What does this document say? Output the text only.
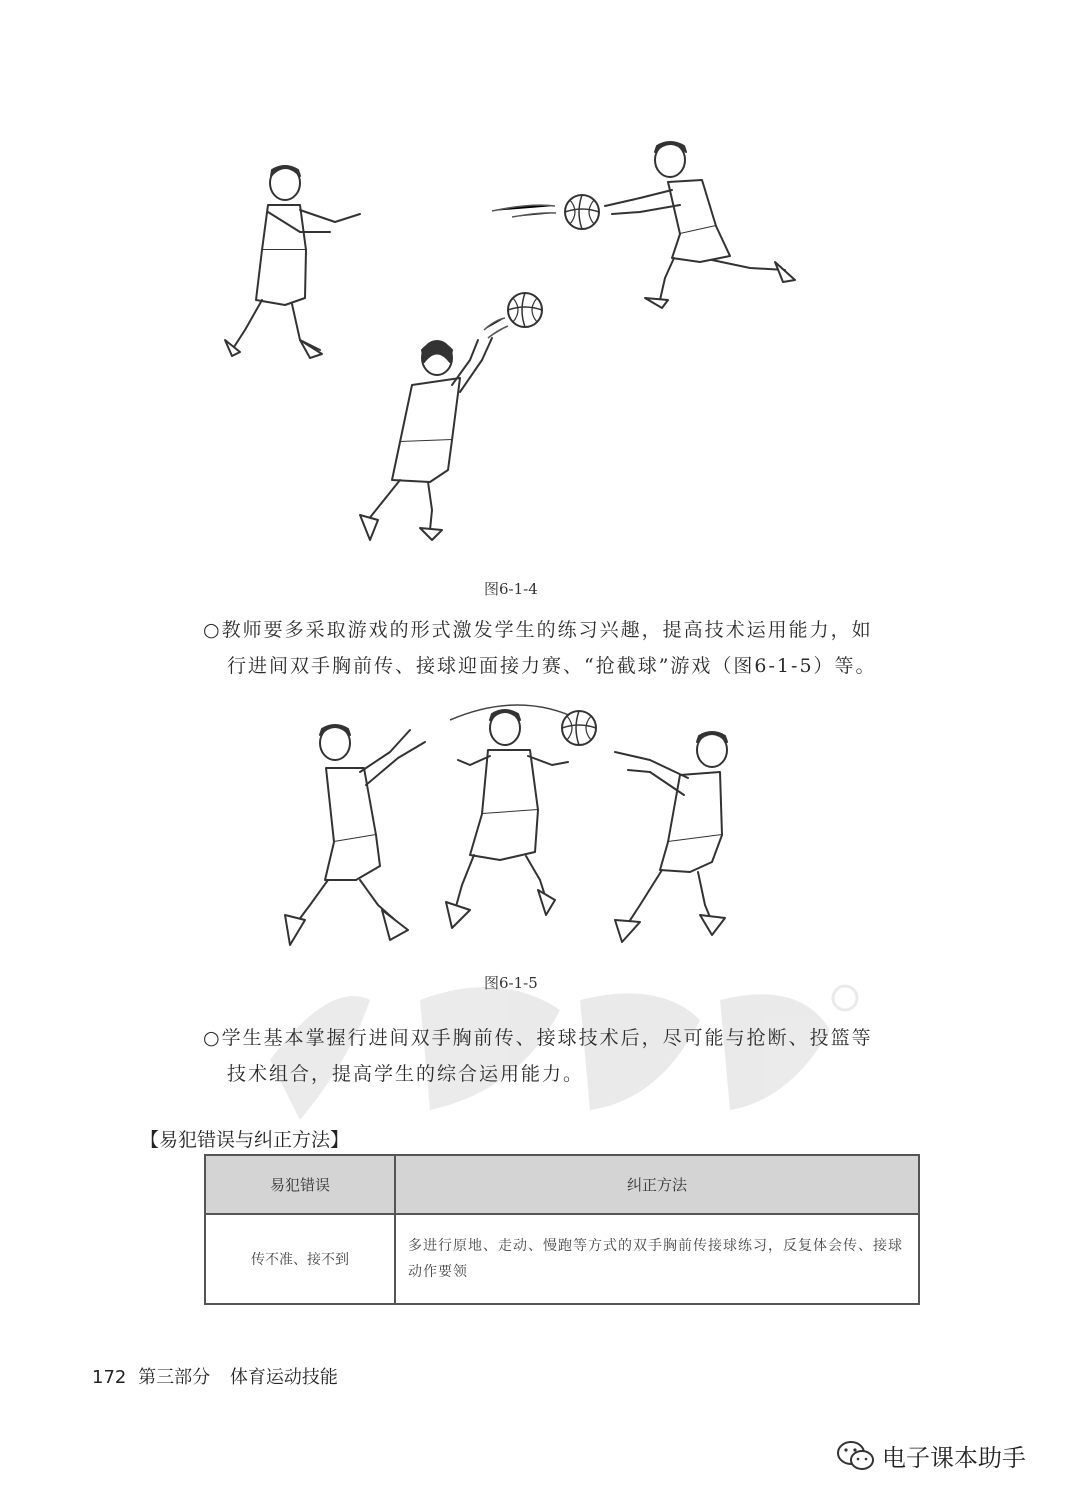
图6-1-4
○教师要多采取游戏的形式激发学生的练习兴趣，提高技术运用能力，如
行进间双手胸前传、接球迎面接力赛、“抢截球”游戏（图6-1-5）等。
图6-1-5
○学生基本掌握行进间双手胸前传、接球技术后，尽可能与抢断、投篮等
技术组合，提高学生的综合运用能力。
【易犯错误与纠正方法】
易犯错误	纠正方法
传不准、接不到	多进行原地、走动、慢跑等方式的双手胸前传接球练习，反复体会传、接球动作要领
172 第三部分 体育运动技能
电子课本助手
